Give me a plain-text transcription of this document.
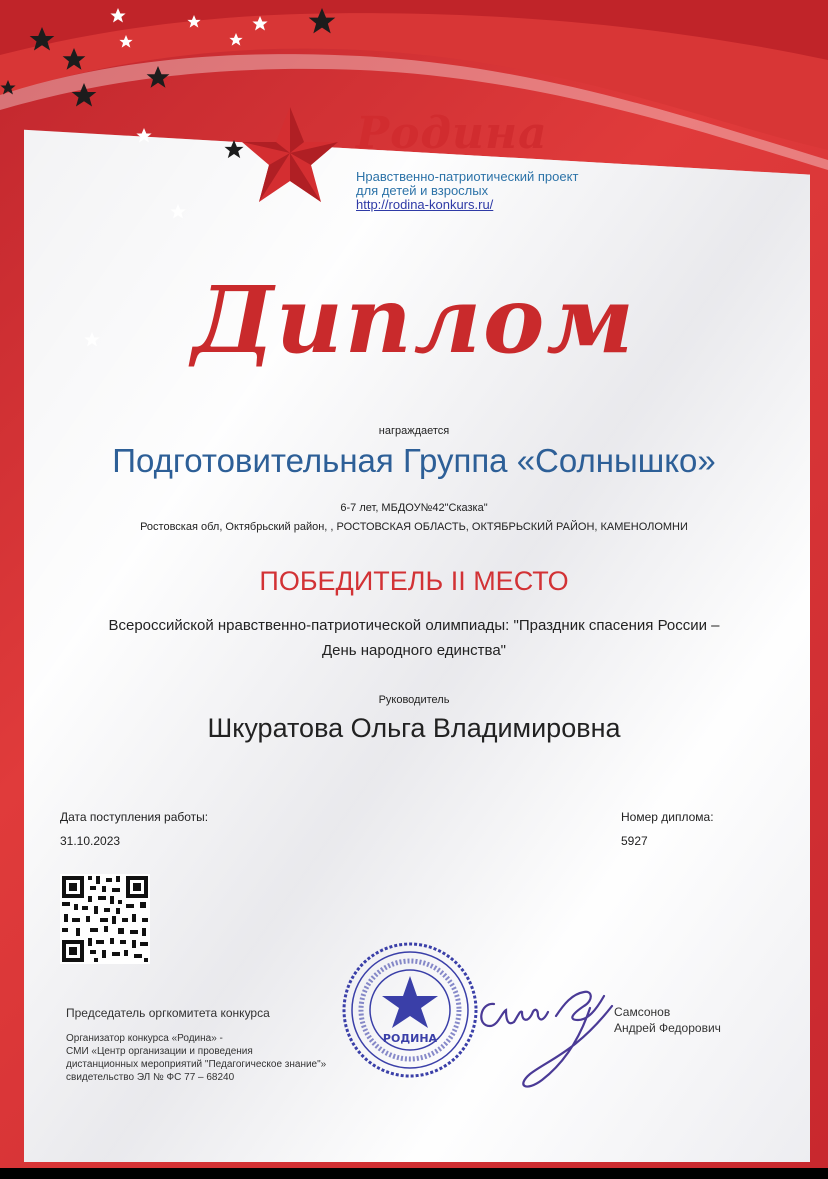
Родина
Нравственно-патриотический проект
для детей и взрослых
http://rodina-konkurs.ru/
Диплом
награждается
Подготовительная Группа «Солнышко»
6-7 лет, МБДОУ№42"Сказка"
Ростовская обл, Октябрьский район, , РОСТОВСКАЯ ОБЛАСТЬ, ОКТЯБРЬСКИЙ РАЙОН, КАМЕНОЛОМНИ
ПОБЕДИТЕЛЬ II МЕСТО
Всероссийской нравственно-патриотической олимпиады: "Праздник спасения России –
День народного единства"
Руководитель
Шкуратова Ольга Владимировна
Дата поступления работы:
31.10.2023
Номер диплома:
5927
Председатель оргкомитета конкурса
Организатор конкурса «Родина» -
СМИ «Центр организации и проведения
дистанционных мероприятий "Педагогическое знание"»
свидетельство ЭЛ № ФС 77 – 68240
РОДИНА
Самсонов
Андрей Федорович
